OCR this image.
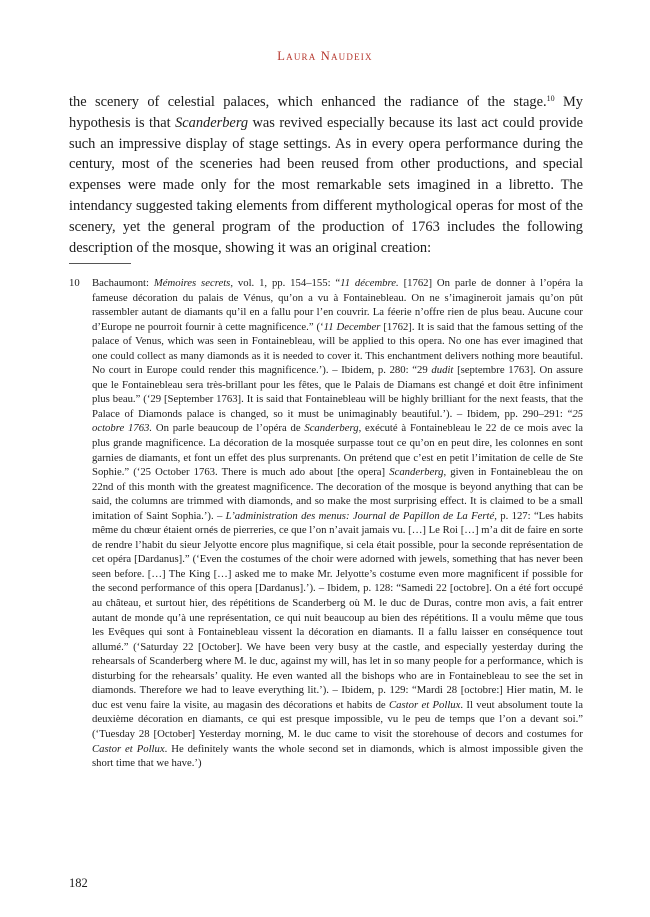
Laura Naudeix

the scenery of celestial palaces, which enhanced the radiance of the stage.$^{10}$ My hypothesis is that Scanderberg was revived especially because its last act could provide such an impressive display of stage settings. As in every opera performance during the century, most of the sceneries had been reused from other productions, and special expenses were made only for the most remarkable sets imagined in a libretto. The intendancy suggested taking elements from different mythological operas for most of the scenery, yet the general program of the production of 1763 includes the following description of the mosque, showing it was an original creation:

10 Bachaumont: Mémoires secrets, vol. 1, pp. 154–155: “11 décembre. [1762] On parle de donner à l’opéra la fameuse décoration du palais de Vénus, qu’on a vu à Fontainebleau. On ne s’imagineroit jamais qu’on pût rassembler autant de diamants qu’il en a fallu pour l’en couvrir. La féerie n’offre rien de plus beau. Aucune cour d’Europe ne pourroit fournir à cette magnificence.” (‘11 December [1762]. It is said that the famous setting of the palace of Venus, which was seen in Fontainebleau, will be applied to this opera. No one has ever imagined that one could collect as many diamonds as it is needed to cover it. This enchantment delivers nothing more beautiful. No court in Europe could render this magnificence.’). – Ibidem, p. 280: “29 dudit [septembre 1763]. On assure que le Fontainebleau sera très-brillant pour les fêtes, que le Palais de Diamans est changé et doit être infiniment plus beau.” (‘29 [September 1763]. It is said that Fontainebleau will be highly brilliant for the next feasts, that the Palace of Diamonds palace is changed, so it must be unimaginably beautiful.’). – Ibidem, pp. 290–291: “25 octobre 1763. On parle beaucoup de l’opéra de Scanderberg, exécuté à Fontainebleau le 22 de ce mois avec la plus grande magnificence. La décoration de la mosquée surpasse tout ce qu’on en peut dire, les colonnes en sont garnies de diamants, et font un effet des plus surprenants. On prétend que c’est en petit l’imitation de celle de Ste Sophie.” (‘25 October 1763. There is much ado about [the opera] Scanderberg, given in Fontainebleau the on 22nd of this month with the greatest magnificence. The decoration of the mosque is beyond anything that can be said, the columns are trimmed with diamonds, and so make the most surprising effect. It is claimed to be a small imitation of Saint Sophia.’). – L’administration des menus: Journal de Papillon de La Ferté, p. 127: “Les habits même du chœur étaient ornés de pierreries, ce que l’on n’avait jamais vu. […] Le Roi […] m’a dit de faire en sorte de rendre l’habit du sieur Jelyotte encore plus magnifique, si cela était possible, pour la seconde représentation de cet opéra [Dardanus].” (‘Even the costumes of the choir were adorned with jewels, something that has never been seen before. […] The King […] asked me to make Mr. Jelyotte’s costume even more magnificent if possible for the second performance of this opera [Dardanus].’). – Ibidem, p. 128: “Samedi 22 [octobre]. On a été fort occupé au château, et surtout hier, des répétitions de Scanderberg où M. le duc de Duras, contre mon avis, a fait entrer autant de monde qu’à une représentation, ce qui nuit beaucoup au bien des répétitions. Il a voulu même que tous les Evêques qui sont à Fontainebleau vissent la décoration en diamants. Il a fallu laisser en conséquence tout allumé.” (‘Saturday 22 [October]. We have been very busy at the castle, and especially yesterday during the rehearsals of Scanderberg where M. le duc, against my will, has let in so many people for a performance, which is disturbing for the rehearsals’ quality. He even wanted all the bishops who are in Fontainebleau to see the set in diamonds. Therefore we had to leave everything lit.’). – Ibidem, p. 129: “Mardi 28 [octobre:] Hier matin, M. le duc est venu faire la visite, au magasin des décorations et habits de Castor et Pollux. Il veut absolument toute la deuxième décoration en diamants, ce qui est presque impossible, vu le peu de temps que l’on a devant soi.” (‘Tuesday 28 [October] Yesterday morning, M. le duc came to visit the storehouse of decors and costumes for Castor et Pollux. He definitely wants the whole second set in diamonds, which is almost impossible given the short time that we have.’)

182
